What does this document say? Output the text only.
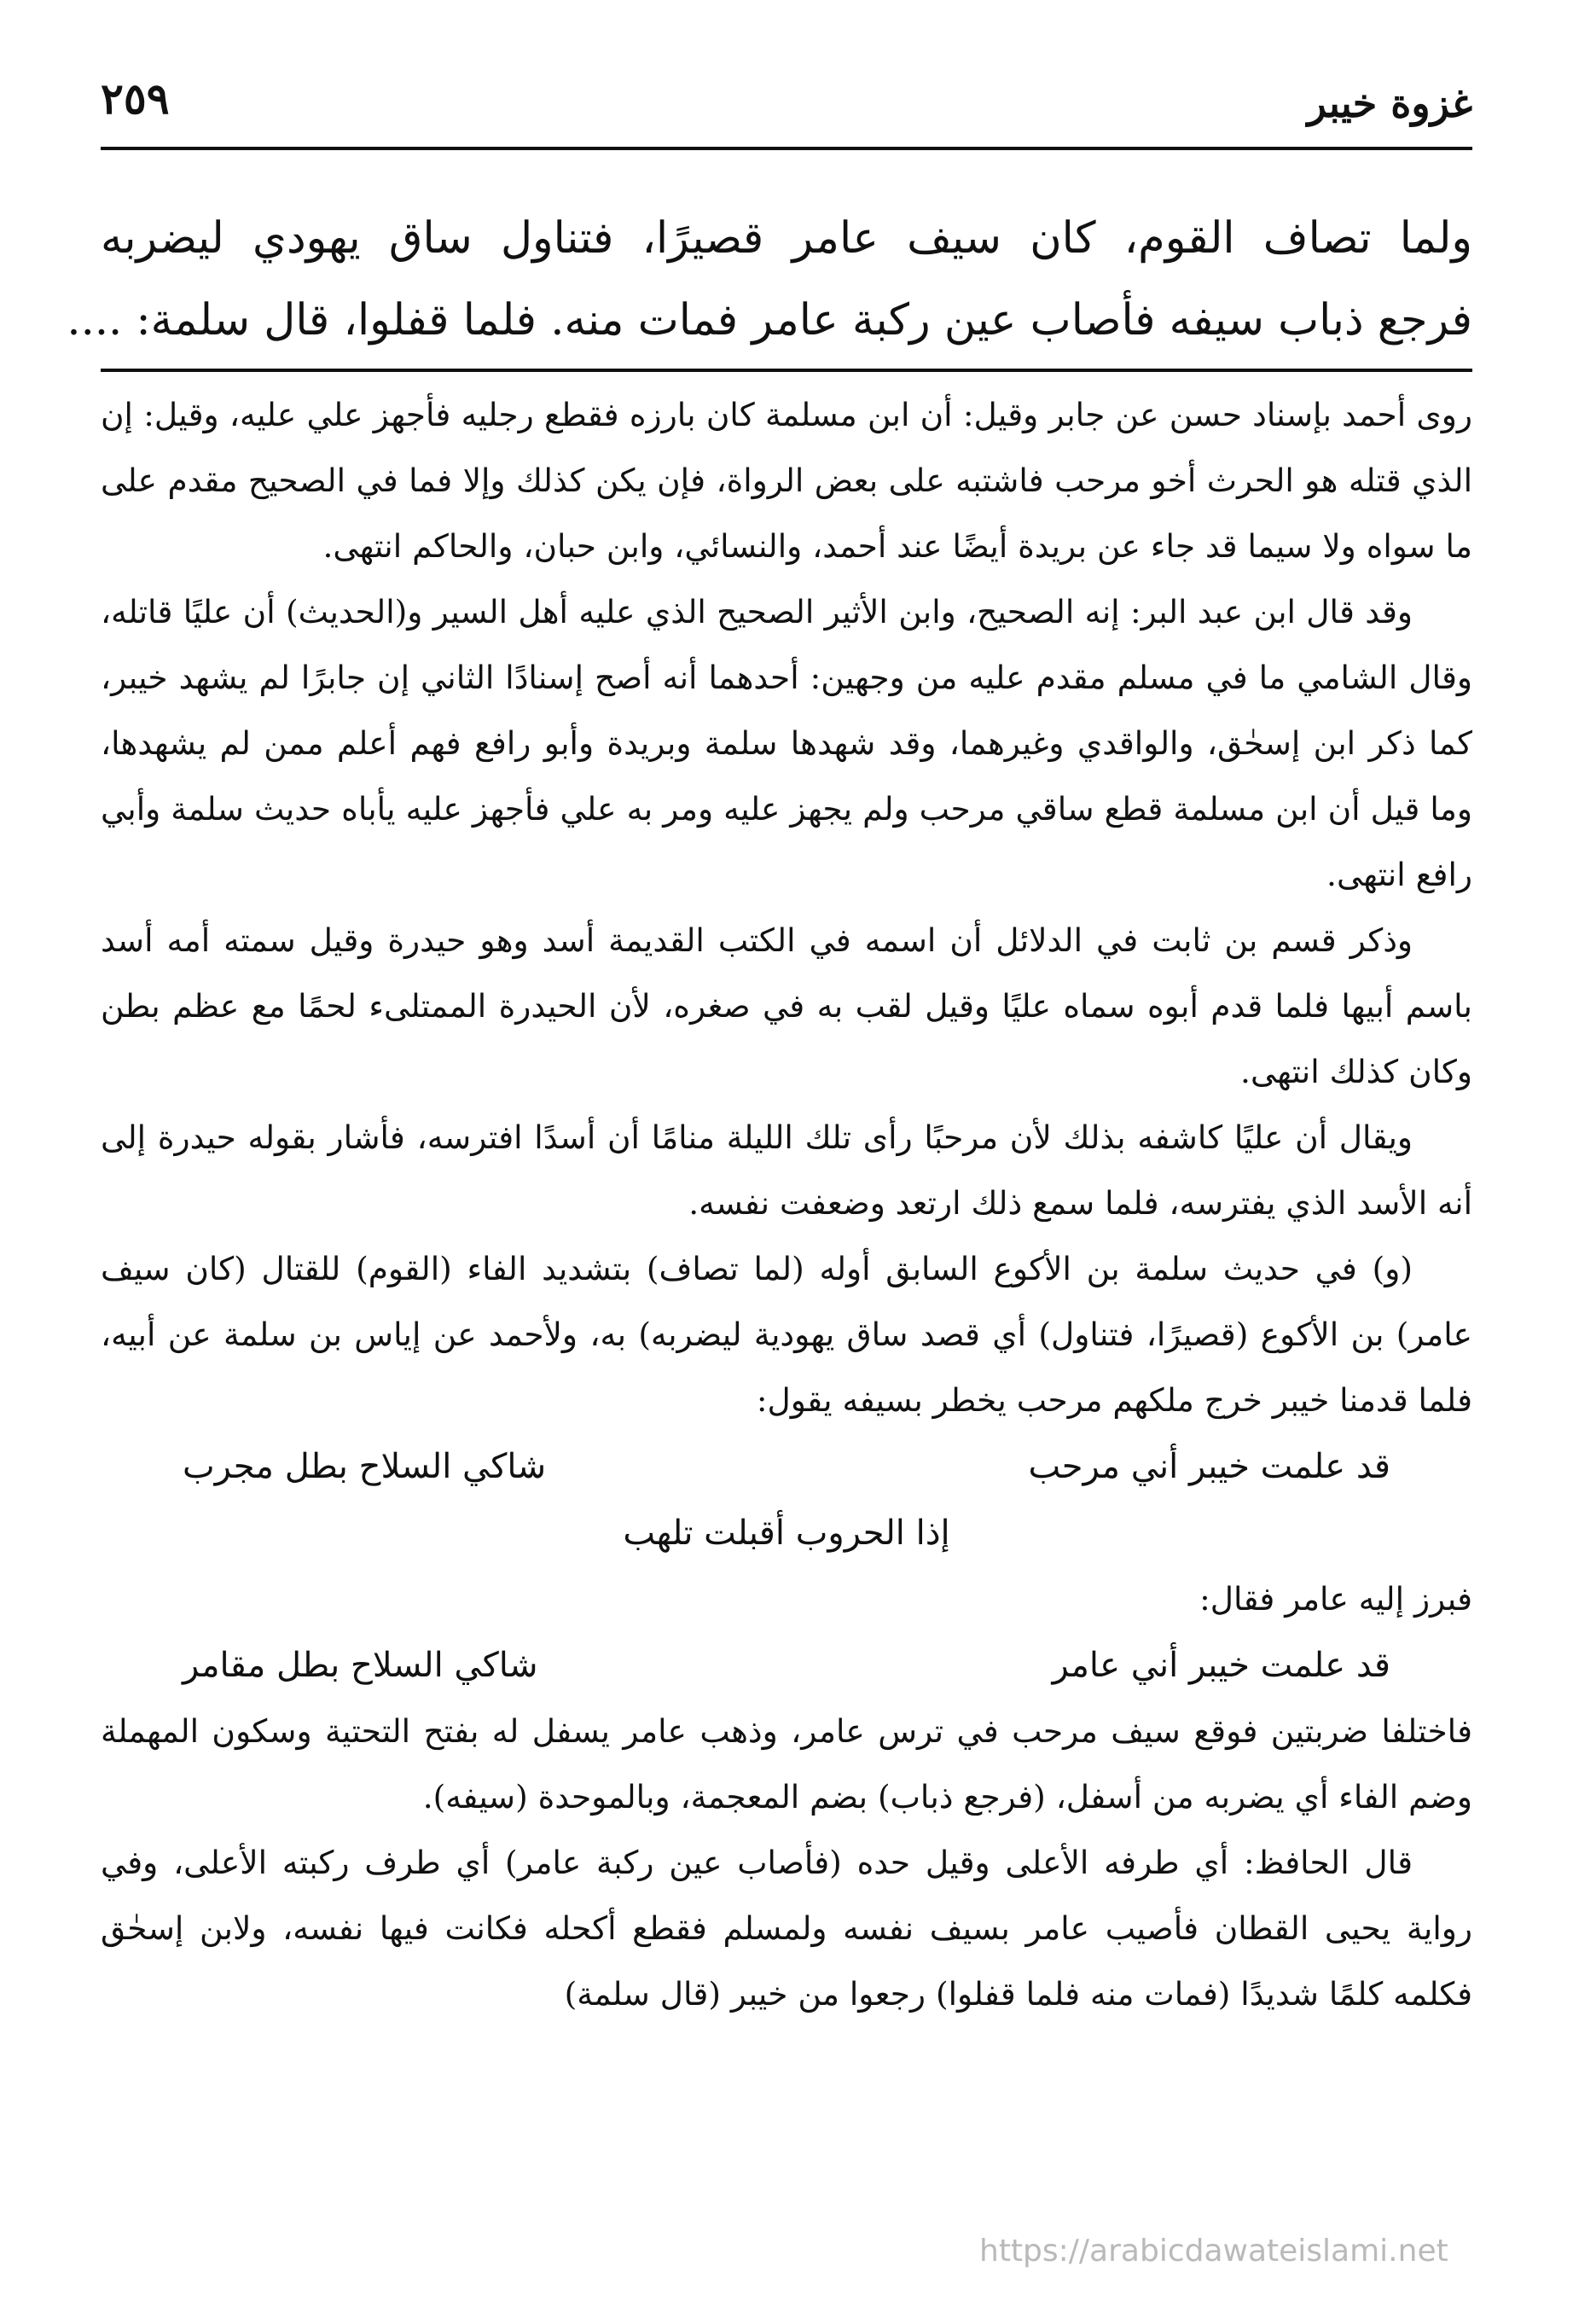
غزوة خيبر
٢٥٩
ولما تصاف القوم، كان سيف عامر قصيرًا، فتناول ساق يهودي ليضربه
فرجع ذباب سيفه فأصاب عين ركبة عامر فمات منه. فلما قفلوا، قال سلمة: ....

روى أحمد بإسناد حسن عن جابر وقيل: أن ابن مسلمة كان بارزه فقطع رجليه فأجهز علي عليه، وقيل: إن الذي قتله هو الحرث أخو مرحب فاشتبه على بعض الرواة، فإن يكن كذلك وإلا فما في الصحيح مقدم على ما سواه ولا سيما قد جاء عن بريدة أيضًا عند أحمد، والنسائي، وابن حبان، والحاكم انتهى.

وقد قال ابن عبد البر: إنه الصحيح، وابن الأثير الصحيح الذي عليه أهل السير و(الحديث) أن عليًا قاتله، وقال الشامي ما في مسلم مقدم عليه من وجهين: أحدهما أنه أصح إسنادًا الثاني إن جابرًا لم يشهد خيبر، كما ذكر ابن إسحٰق، والواقدي وغيرهما، وقد شهدها سلمة وبريدة وأبو رافع فهم أعلم ممن لم يشهدها، وما قيل أن ابن مسلمة قطع ساقي مرحب ولم يجهز عليه ومر به علي فأجهز عليه يأباه حديث سلمة وأبي رافع انتهى.

وذكر قسم بن ثابت في الدلائل أن اسمه في الكتب القديمة أسد وهو حيدرة وقيل سمته أمه أسد باسم أبيها فلما قدم أبوه سماه عليًا وقيل لقب به في صغره، لأن الحيدرة الممتلىء لحمًا مع عظم بطن وكان كذلك انتهى.

ويقال أن عليًا كاشفه بذلك لأن مرحبًا رأى تلك الليلة منامًا أن أسدًا افترسه، فأشار بقوله حيدرة إلى أنه الأسد الذي يفترسه، فلما سمع ذلك ارتعد وضعفت نفسه.

(و) في حديث سلمة بن الأكوع السابق أوله (لما تصاف) بتشديد الفاء (القوم) للقتال (كان سيف عامر) بن الأكوع (قصيرًا، فتناول) أي قصد ساق يهودية ليضربه) به، ولأحمد عن إياس بن سلمة عن أبيه، فلما قدمنا خيبر خرج ملكهم مرحب يخطر بسيفه يقول:

قد علمت خيبر أني مرحب
شاكي السلاح بطل مجرب
إذا الحروب أقبلت تلهب

فبرز إليه عامر فقال:

قد علمت خيبر أني عامر
شاكي السلاح بطل مقامر

فاختلفا ضربتين فوقع سيف مرحب في ترس عامر، وذهب عامر يسفل له بفتح التحتية وسكون المهملة وضم الفاء أي يضربه من أسفل، (فرجع ذباب) بضم المعجمة، وبالموحدة (سيفه).

قال الحافظ: أي طرفه الأعلى وقيل حده (فأصاب عين ركبة عامر) أي طرف ركبته الأعلى، وفي رواية يحيى القطان فأصيب عامر بسيف نفسه ولمسلم فقطع أكحله فكانت فيها نفسه، ولابن إسحٰق فكلمه كلمًا شديدًا (فمات منه فلما قفلوا) رجعوا من خيبر (قال سلمة)

https://arabicdawateislami.net
